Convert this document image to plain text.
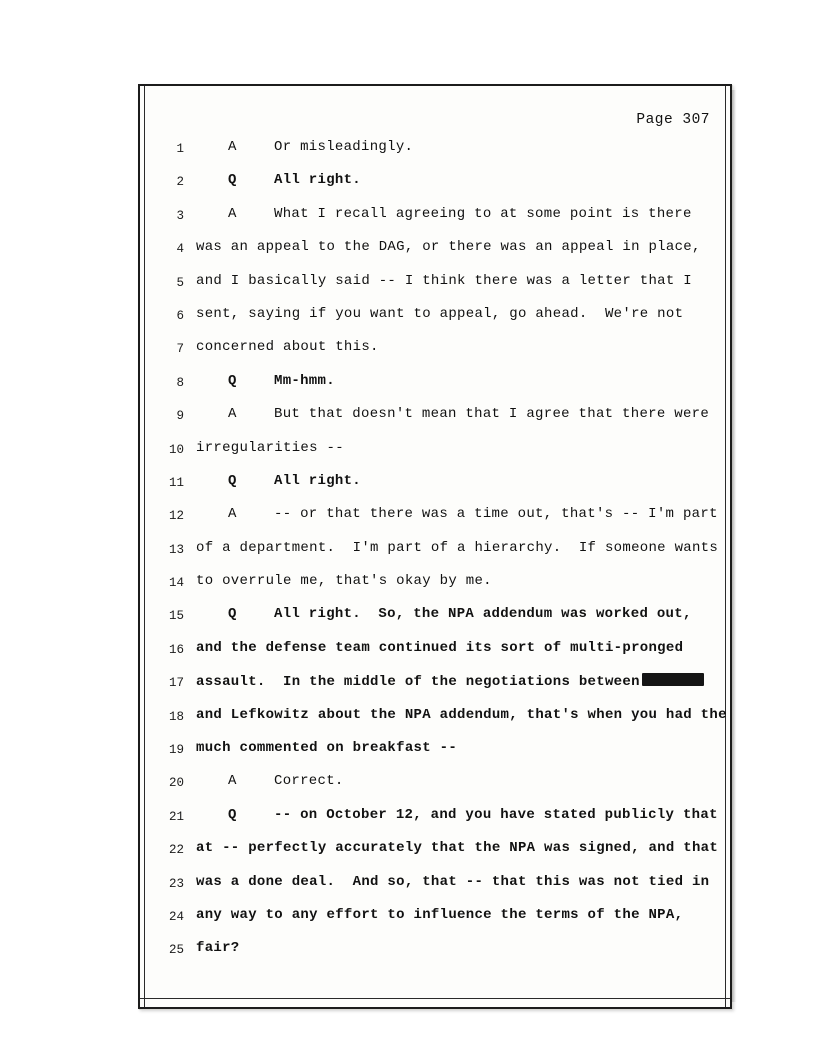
Page 307
1	A	Or misleadingly.
2	Q	All right.
3	A	What I recall agreeing to at some point is there
4 was an appeal to the DAG, or there was an appeal in place,
5 and I basically said -- I think there was a letter that I
6 sent, saying if you want to appeal, go ahead.  We're not
7 concerned about this.
8	Q	Mm-hmm.
9	A	But that doesn't mean that I agree that there were
10 irregularities --
11	Q	All right.
12	A	-- or that there was a time out, that's -- I'm part
13 of a department.  I'm part of a hierarchy.  If someone wants
14 to overrule me, that's okay by me.
15	Q	All right.  So, the NPA addendum was worked out,
16 and the defense team continued its sort of multi-pronged
17 assault.  In the middle of the negotiations between
18 and Lefkowitz about the NPA addendum, that's when you had the
19 much commented on breakfast --
20	A	Correct.
21	Q	-- on October 12, and you have stated publicly that
22 at -- perfectly accurately that the NPA was signed, and that
23 was a done deal.  And so, that -- that this was not tied in
24 any way to any effort to influence the terms of the NPA,
25 fair?
